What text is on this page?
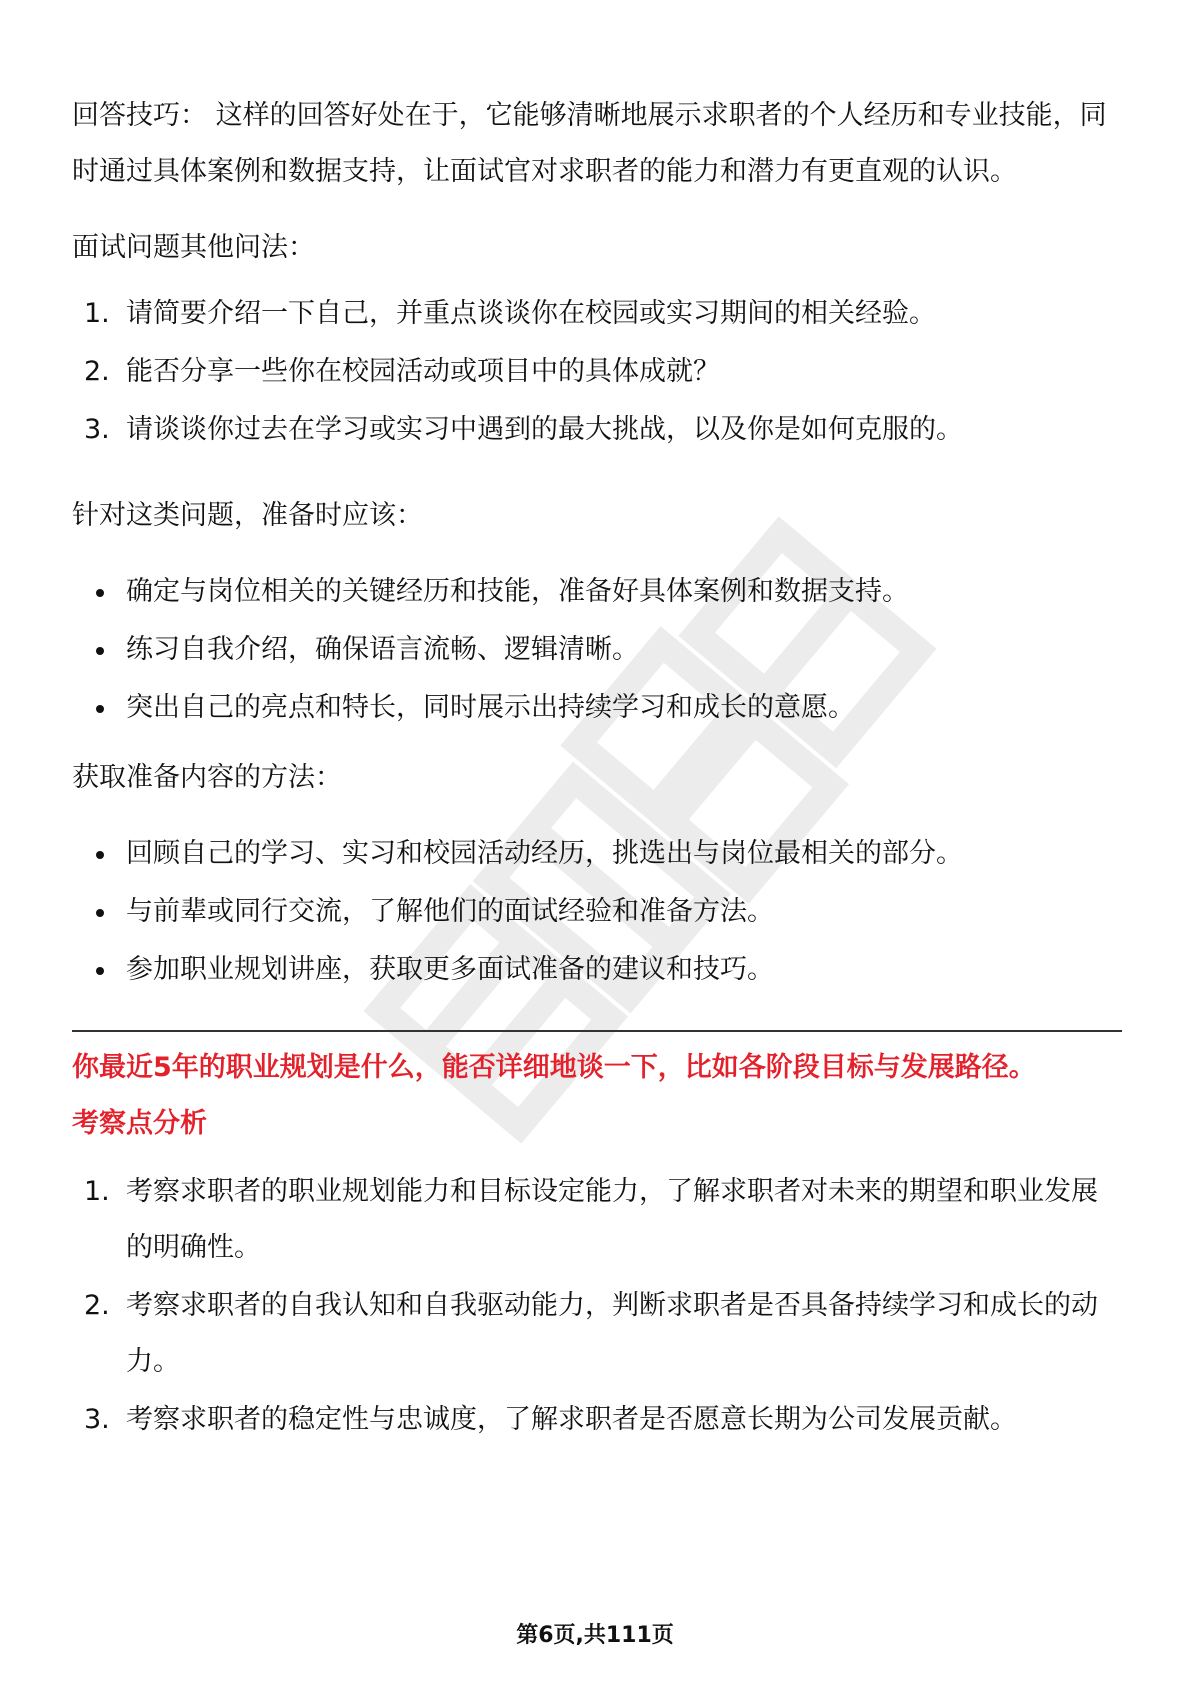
回答技巧： 这样的回答好处在于，它能够清晰地展示求职者的个人经历和专业技能，同时通过具体案例和数据支持，让面试官对求职者的能力和潜力有更直观的认识。

面试问题其他问法：

1. 请简要介绍一下自己，并重点谈谈你在校园或实习期间的相关经验。
2. 能否分享一些你在校园活动或项目中的具体成就？
3. 请谈谈你过去在学习或实习中遇到的最大挑战，以及你是如何克服的。

针对这类问题，准备时应该：

确定与岗位相关的关键经历和技能，准备好具体案例和数据支持。
练习自我介绍，确保语言流畅、逻辑清晰。
突出自己的亮点和特长，同时展示出持续学习和成长的意愿。

获取准备内容的方法：

回顾自己的学习、实习和校园活动经历，挑选出与岗位最相关的部分。
与前辈或同行交流，了解他们的面试经验和准备方法。
参加职业规划讲座，获取更多面试准备的建议和技巧。

你最近5年的职业规划是什么，能否详细地谈一下，比如各阶段目标与发展路径。

考察点分析

1. 考察求职者的职业规划能力和目标设定能力，了解求职者对未来的期望和职业发展的明确性。
2. 考察求职者的自我认知和自我驱动能力，判断求职者是否具备持续学习和成长的动力。
3. 考察求职者的稳定性与忠诚度，了解求职者是否愿意长期为公司发展贡献。
第6页,共111页
